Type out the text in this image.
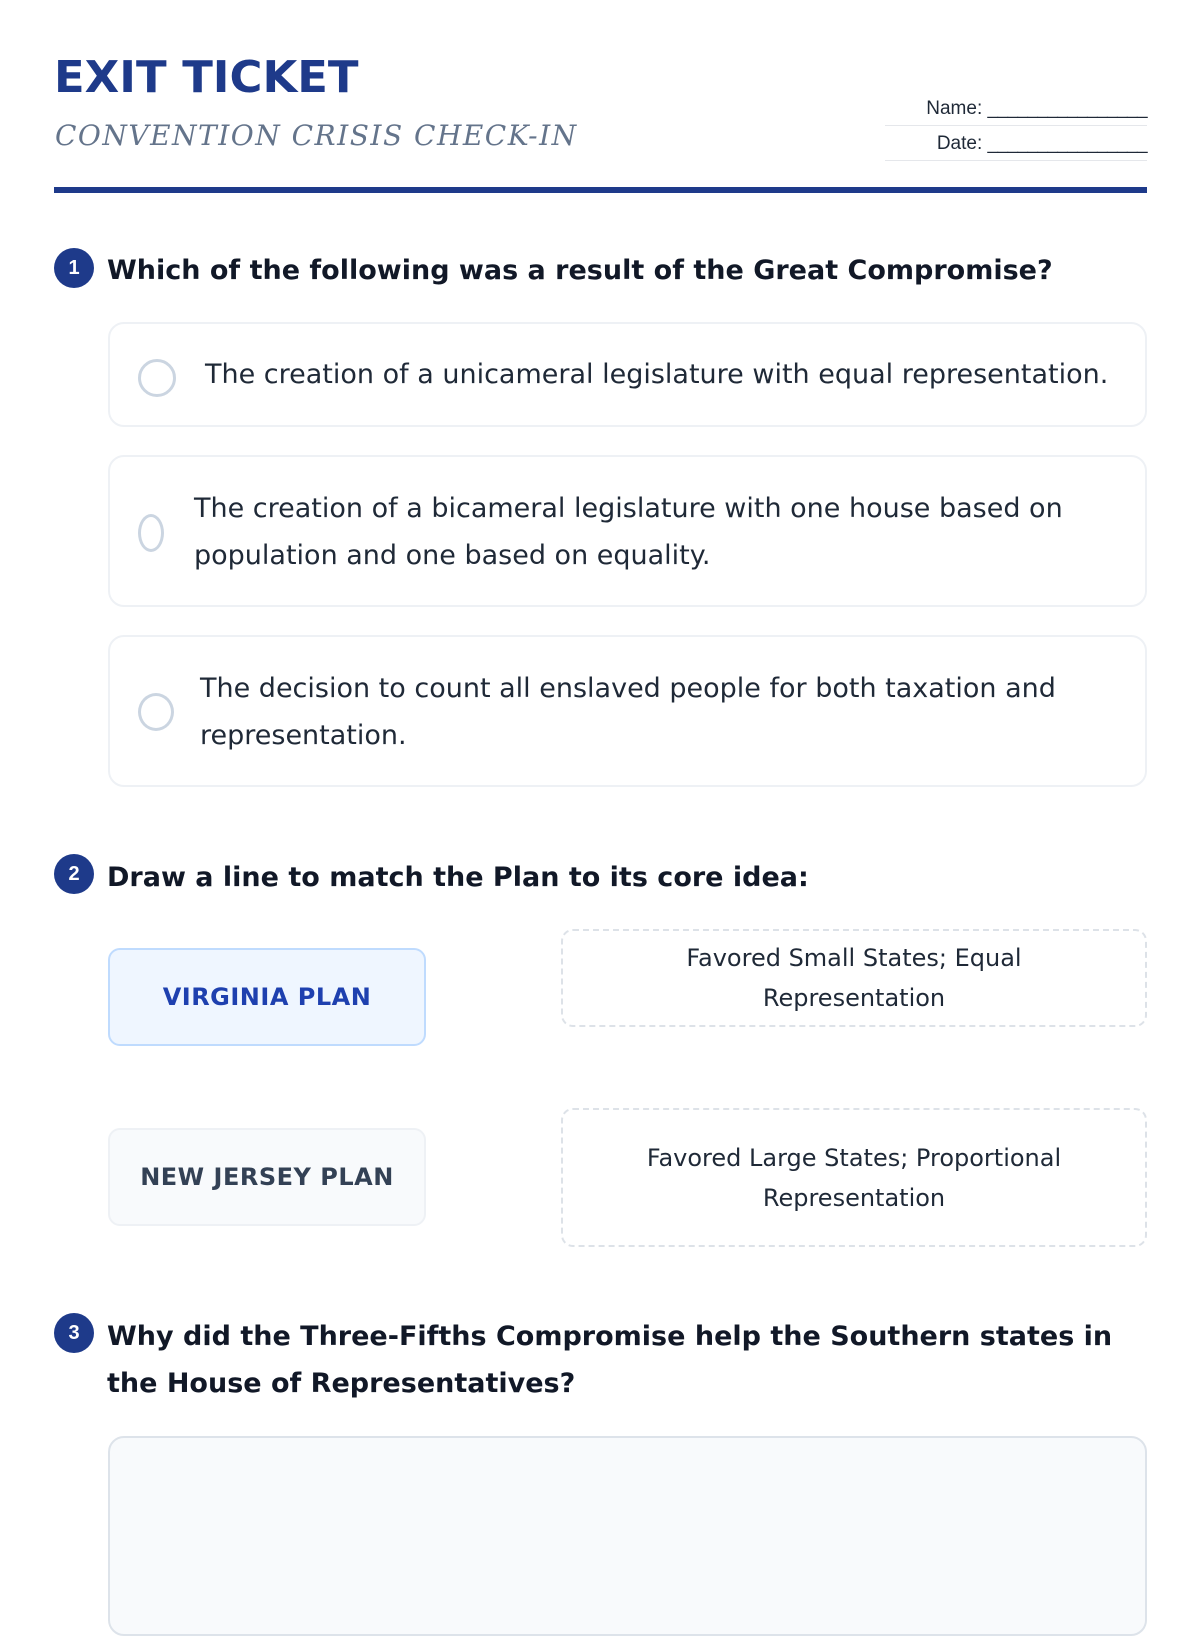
EXIT TICKET
CONVENTION CRISIS CHECK-IN
Name: ________________
Date: ________________
1	Which of the following was a result of the Great Compromise?
The creation of a unicameral legislature with equal representation.
The creation of a bicameral legislature with one house based on population and one based on equality.
The decision to count all enslaved people for both taxation and representation.
2	Draw a line to match the Plan to its core idea:
VIRGINIA PLAN
NEW JERSEY PLAN
Favored Small States; Equal Representation
Favored Large States; Proportional Representation
3	Why did the Three-Fifths Compromise help the Southern states in the House of Representatives?
